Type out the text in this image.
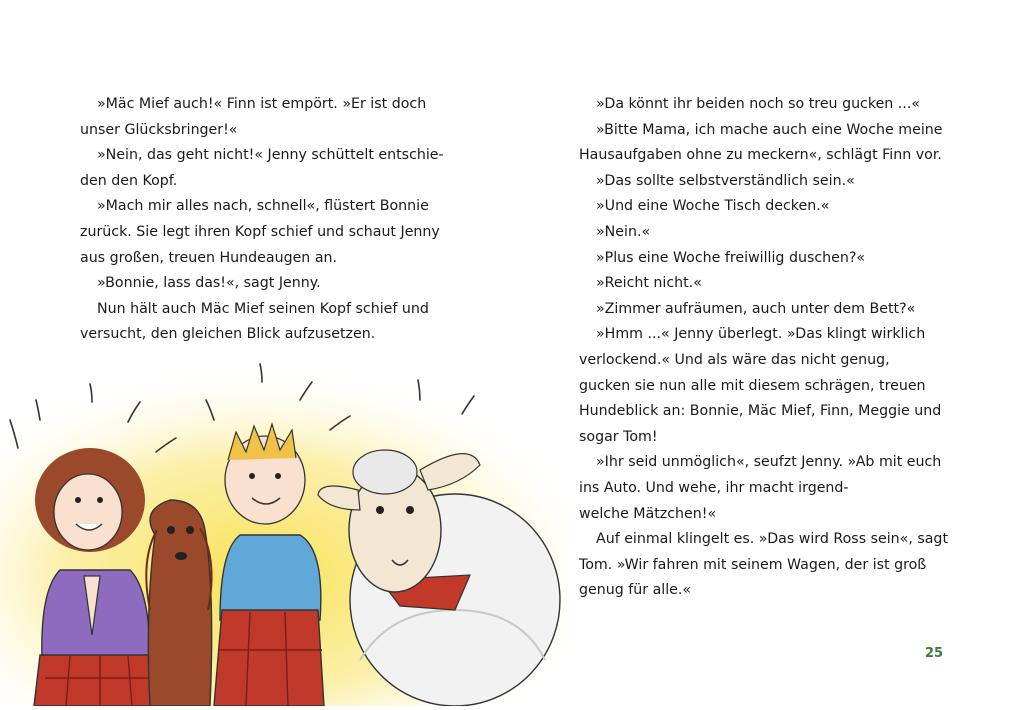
»Mäc Mief auch!« Finn ist empört. »Er ist doch

unser Glücksbringer!«

»Nein, das geht nicht!« Jenny schüttelt entschie-

den den Kopf.

»Mach mir alles nach, schnell«, flüstert Bonnie

zurück. Sie legt ihren Kopf schief und schaut Jenny

aus großen, treuen Hundeaugen an.

»Bonnie, lass das!«, sagt Jenny.

Nun hält auch Mäc Mief seinen Kopf schief und

versucht, den gleichen Blick aufzusetzen.

»Da könnt ihr beiden noch so treu gucken ...«

»Bitte Mama, ich mache auch eine Woche meine

Hausaufgaben ohne zu meckern«, schlägt Finn vor.

»Das sollte selbstverständlich sein.«

»Und eine Woche Tisch decken.«

»Nein.«

»Plus eine Woche freiwillig duschen?«

»Reicht nicht.«

»Zimmer aufräumen, auch unter dem Bett?«

»Hmm ...« Jenny überlegt. »Das klingt wirklich

verlockend.« Und als wäre das nicht genug,

gucken sie nun alle mit diesem schrägen, treuen

Hundeblick an: Bonnie, Mäc Mief, Finn, Meggie und

sogar Tom!

»Ihr seid unmöglich«, seufzt Jenny. »Ab mit euch

ins Auto. Und wehe, ihr macht irgend-

welche Mätzchen!«

Auf einmal klingelt es. »Das wird Ross sein«, sagt

Tom. »Wir fahren mit seinem Wagen, der ist groß

genug für alle.«

25
